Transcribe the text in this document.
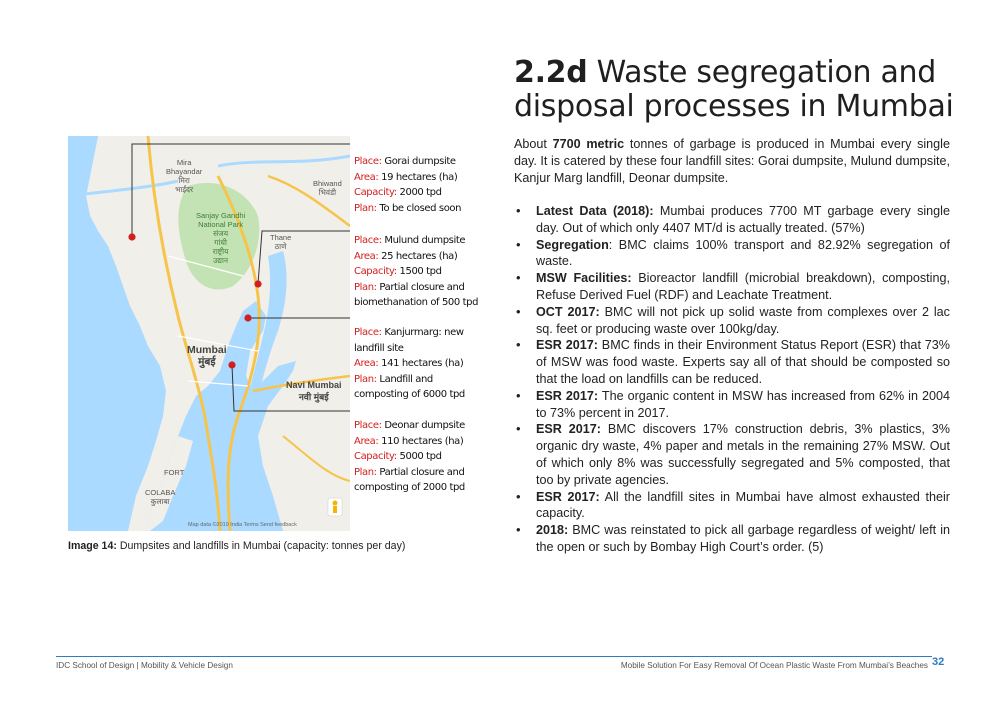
2.2d Waste segregation and disposal processes in Mumbai
About 7700 metric tonnes of garbage is produced in Mumbai every single day. It is catered by these four landfill sites: Gorai dumpsite, Mulund dumpsite, Kanjur Marg landfill, Deonar dumpsite.
• Latest Data (2018): Mumbai produces 7700 MT garbage every single day. Out of which only 4407 MT/d is actually treated. (57%)
• Segregation: BMC claims 100% transport and 82.92% segregation of waste.
• MSW Facilities: Bioreactor landfill (microbial breakdown), composting, Refuse Derived Fuel (RDF) and Leachate Treatment.
• OCT 2017: BMC will not pick up solid waste from complexes over 2 lac sq. feet or producing waste over 100kg/day.
• ESR 2017: BMC finds in their Environment Status Report (ESR) that 73% of MSW was food waste. Experts say all of that should be composted so that the load on landfills can be reduced.
• ESR 2017: The organic content in MSW has increased from 62% in 2004 to 73% percent in 2017.
• ESR 2017: BMC discovers 17% construction debris, 3% plastics, 3% organic dry waste, 4% paper and metals in the remaining 27% MSW. Out of which only 8% was successfully segregated and 5% composted, that too by private agencies.
• ESR 2017: All the landfill sites in Mumbai have almost exhausted their capacity.
• 2018: BMC was reinstated to pick all garbage regardless of weight/ left in the open or such by Bombay High Court’s order. (5)
Mira
Bhayandar
मिरा
भाईंदर
Bhiwand
भिवंडी
Sanjay Gandhi
National Park
संजय
गांधी
राष्ट्रीय
उद्यान
Thane
ठाणे
Mumbai
मुंबई
Navi Mumbai
नवी मुंबई
FORT
COLABA
कुलाबा
Map data ©2019 India Terms Send feedback
Place: Gorai dumpsite
Area: 19 hectares (ha)
Capacity: 2000 tpd
Plan: To be closed soon
Place: Mulund dumpsite
Area: 25 hectares (ha)
Capacity: 1500 tpd
Plan: Partial closure and biomethanation of 500 tpd
Place: Kanjurmarg: new landfill site
Area: 141 hectares (ha)
Plan: Landfill and composting of 6000 tpd
Place: Deonar dumpsite
Area: 110 hectares (ha)
Capacity: 5000 tpd
Plan: Partial closure and composting of 2000 tpd
Image 14: Dumpsites and landfills in Mumbai (capacity: tonnes per day)
IDC School of Design | Mobility & Vehicle Design	Mobile Solution For Easy Removal Of Ocean Plastic Waste From Mumbai’s Beaches 32
